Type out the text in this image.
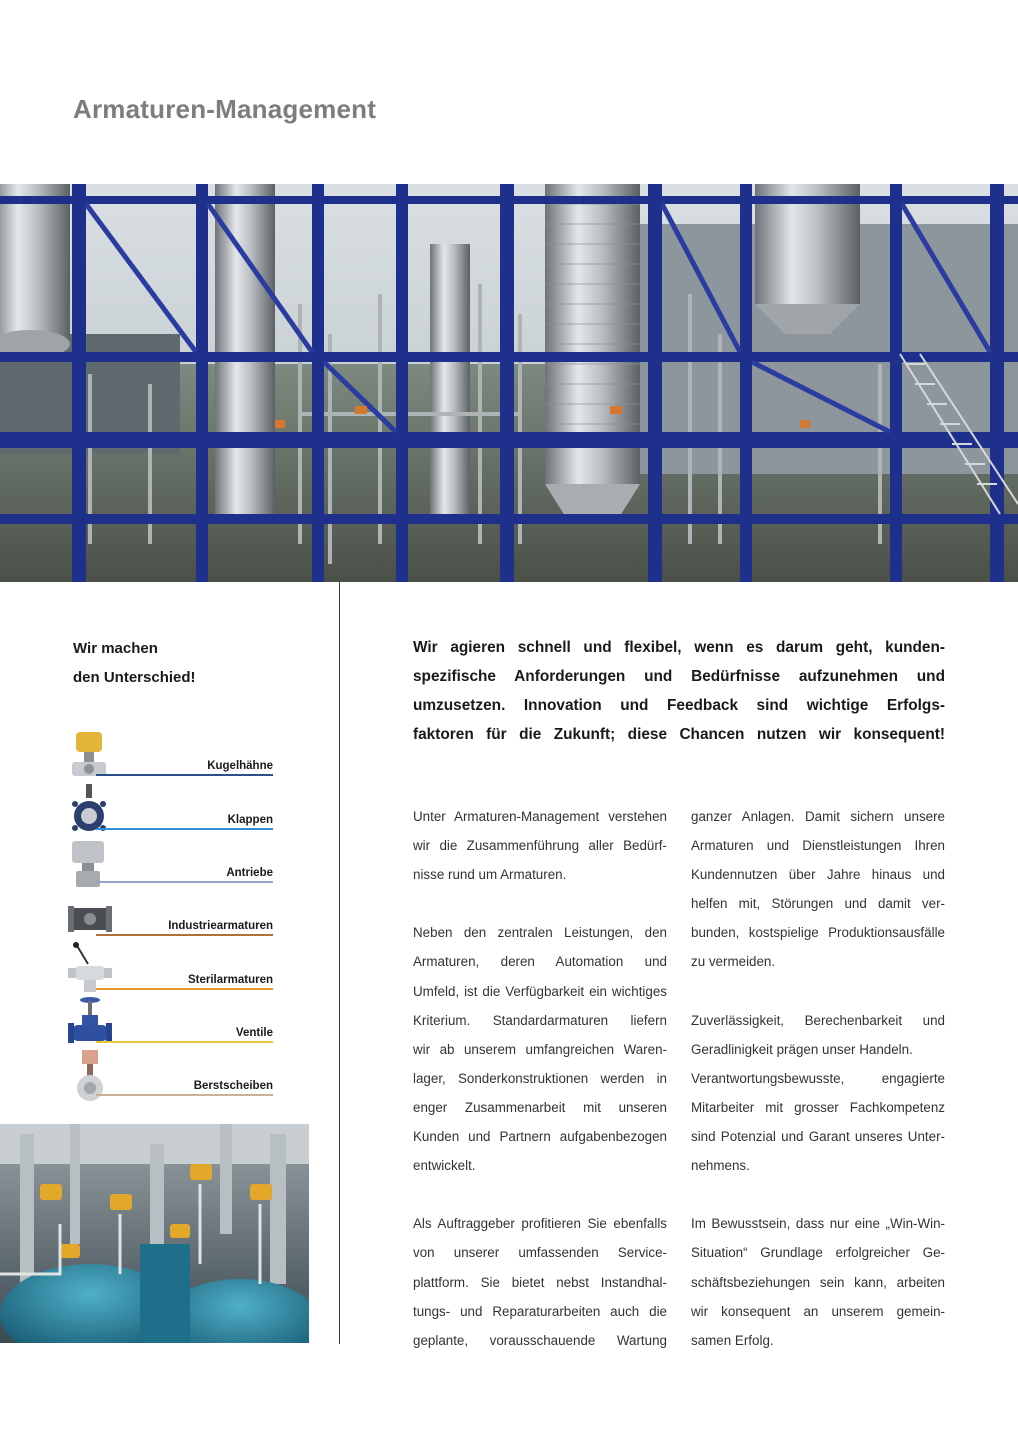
Armaturen-Management
Wir machen
den Unterschied!
Kugelhähne
Klappen
Antriebe
Industriearmaturen
Sterilarmaturen
Ventile
Berstscheiben
Wir agieren schnell und flexibel, wenn es darum geht, kunden-
spezifische Anforderungen und Bedürfnisse aufzunehmen und
umzusetzen. Innovation und Feedback sind wichtige Erfolgs-
faktoren für die Zukunft; diese Chancen nutzen wir konsequent!

Unter Armaturen-Management verstehen
wir die Zusammenführung aller Bedürf-
nisse rund um Armaturen.

Neben den zentralen Leistungen, den
Armaturen, deren Automation und
Umfeld, ist die Verfügbarkeit ein wichtiges
Kriterium. Standardarmaturen liefern
wir ab unserem umfangreichen Waren-
lager, Sonderkonstruktionen werden in
enger Zusammenarbeit mit unseren
Kunden und Partnern aufgabenbezogen
entwickelt.

Als Auftraggeber profitieren Sie ebenfalls
von unserer umfassenden Service-
plattform. Sie bietet nebst Instandhal-
tungs- und Reparaturarbeiten auch die
geplante, vorausschauende Wartung

ganzer Anlagen. Damit sichern unsere
Armaturen und Dienstleistungen Ihren
Kundennutzen über Jahre hinaus und
helfen mit, Störungen und damit ver-
bunden, kostspielige Produktionsausfälle
zu vermeiden.

Zuverlässigkeit, Berechenbarkeit und
Geradlinigkeit prägen unser Handeln.
Verantwortungsbewusste, engagierte
Mitarbeiter mit grosser Fachkompetenz
sind Potenzial und Garant unseres Unter-
nehmens.

Im Bewusstsein, dass nur eine „Win-Win-
Situation“ Grundlage erfolgreicher Ge-
schäftsbeziehungen sein kann, arbeiten
wir konsequent an unserem gemein-
samen Erfolg.
